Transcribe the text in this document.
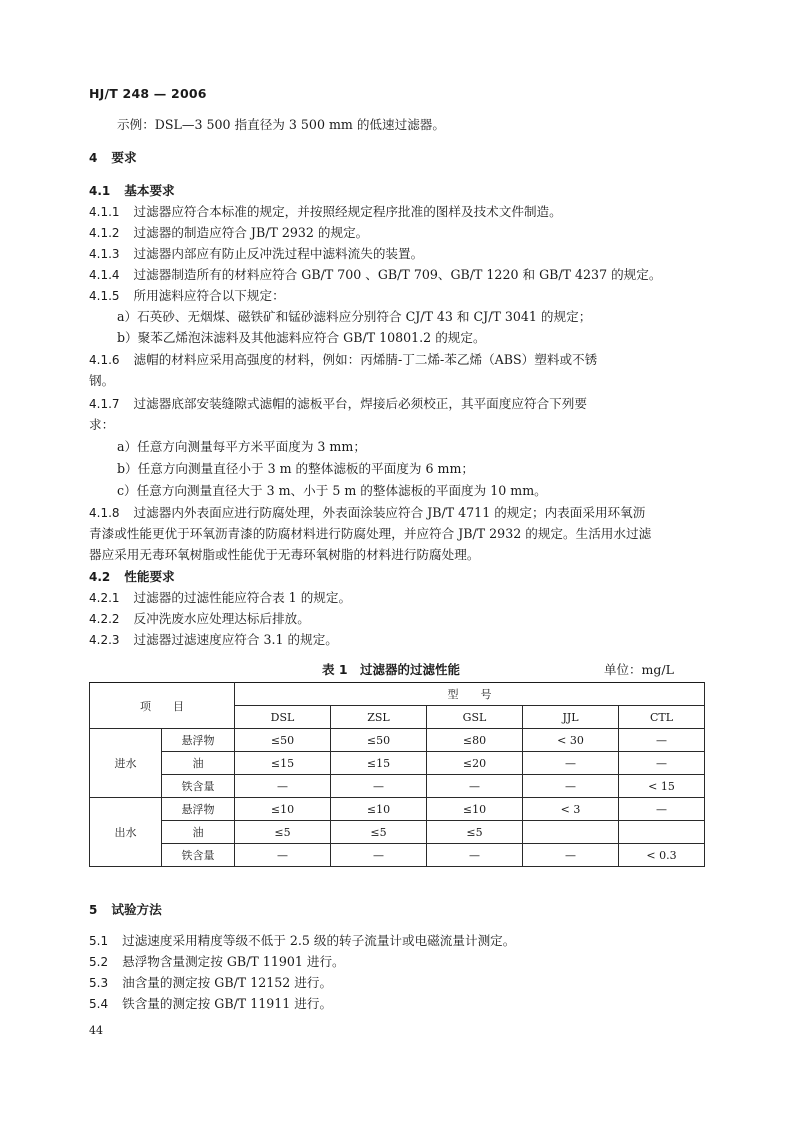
HJ/T 248 — 2006
示例：DSL—3 500 指直径为 3 500 mm 的低速过滤器。
4 要求
4.1 基本要求
4.1.1 过滤器应符合本标准的规定，并按照经规定程序批准的图样及技术文件制造。
4.1.2 过滤器的制造应符合 JB/T 2932 的规定。
4.1.3 过滤器内部应有防止反冲洗过程中滤料流失的装置。
4.1.4 过滤器制造所有的材料应符合 GB/T 700 、GB/T 709、GB/T 1220 和 GB/T 4237 的规定。
4.1.5 所用滤料应符合以下规定：
a）石英砂、无烟煤、磁铁矿和锰砂滤料应分别符合 CJ/T 43 和 CJ/T 3041 的规定；
b）聚苯乙烯泡沫滤料及其他滤料应符合 GB/T 10801.2 的规定。
4.1.6 滤帽的材料应采用高强度的材料，例如：丙烯腈-丁二烯-苯乙烯（ABS）塑料或不锈
钢。
4.1.7 过滤器底部安装缝隙式滤帽的滤板平台，焊接后必须校正，其平面度应符合下列要
求：
a）任意方向测量每平方米平面度为 3 mm；
b）任意方向测量直径小于 3 m 的整体滤板的平面度为 6 mm；
c）任意方向测量直径大于 3 m、小于 5 m 的整体滤板的平面度为 10 mm。
4.1.8 过滤器内外表面应进行防腐处理，外表面涂装应符合 JB/T 4711 的规定；内表面采用环氧沥
青漆或性能更优于环氧沥青漆的防腐材料进行防腐处理，并应符合 JB/T 2932 的规定。生活用水过滤
器应采用无毒环氧树脂或性能优于无毒环氧树脂的材料进行防腐处理。
4.2 性能要求
4.2.1 过滤器的过滤性能应符合表 1 的规定。
4.2.2 反冲洗废水应处理达标后排放。
4.2.3 过滤器过滤速度应符合 3.1 的规定。
表 1　过滤器的过滤性能	单位：mg/L
项　　目		型　　号				
		DSL	ZSL	GSL	JJL	CTL
进水	悬浮物	≤50	≤50	≤80	< 30	—
	油	≤15	≤15	≤20	—	—
	铁含量	—	—	—	—	< 15
出水	悬浮物	≤10	≤10	≤10	< 3	—
	油	≤5	≤5	≤5		
	铁含量	—	—	—	—	< 0.3
5 试验方法
5.1 过滤速度采用精度等级不低于 2.5 级的转子流量计或电磁流量计测定。
5.2 悬浮物含量测定按 GB/T 11901 进行。
5.3 油含量的测定按 GB/T 12152 进行。
5.4 铁含量的测定按 GB/T 11911 进行。
44
